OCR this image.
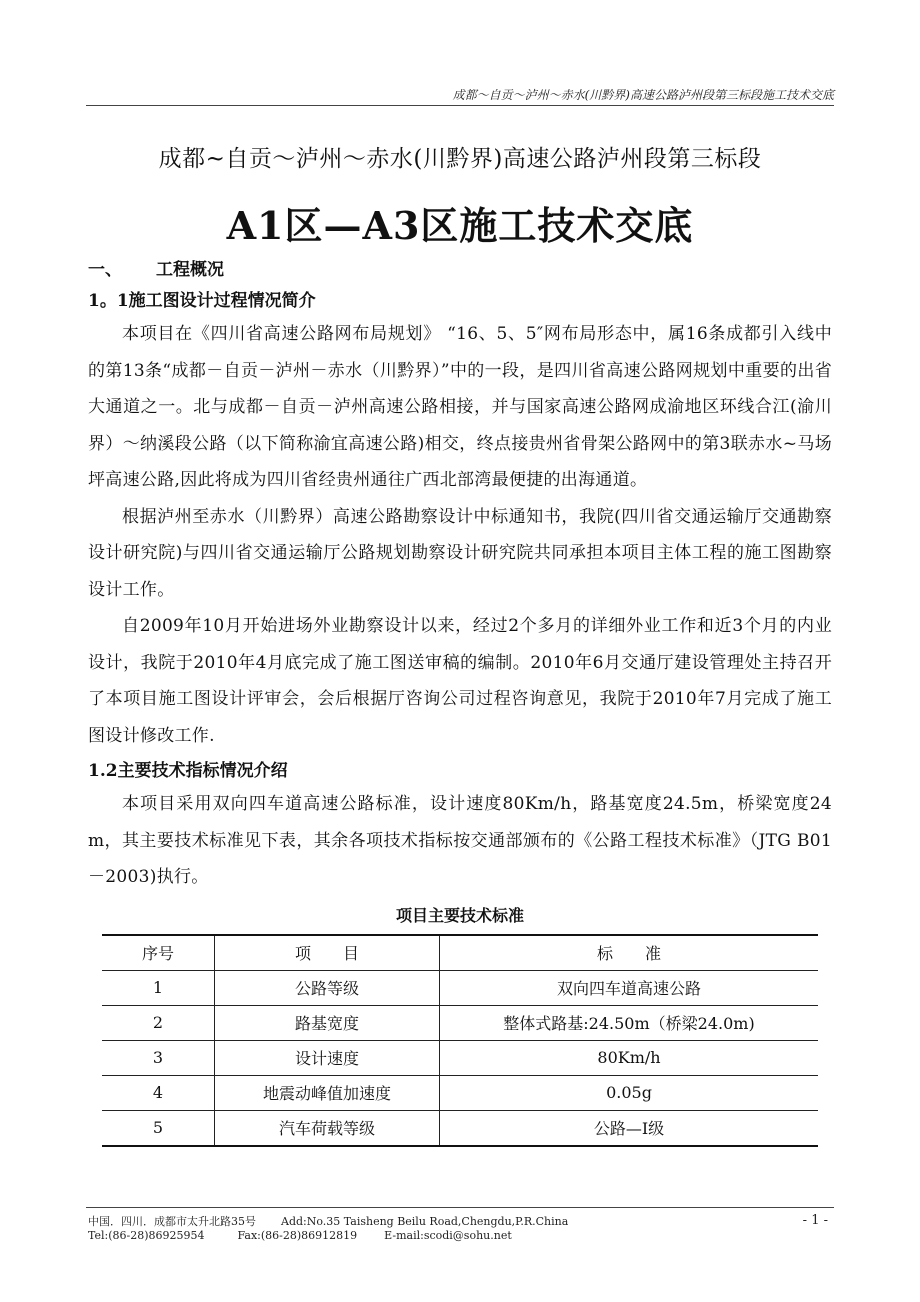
成都～自贡～泸州～赤水(川黔界)高速公路泸州段第三标段施工技术交底
成都~自贡～泸州～赤水(川黔界)高速公路泸州段第三标段
A1区—A3区施工技术交底
一、 工程概况
1。1施工图设计过程情况简介
本项目在《四川省高速公路网布局规划》 “16、5、5″网布局形态中，属16条成都引入线中的第13条“成都－自贡－泸州－赤水（川黔界）”中的一段，是四川省高速公路网规划中重要的出省大通道之一。北与成都－自贡－泸州高速公路相接，并与国家高速公路网成渝地区环线合江(渝川界）～纳溪段公路（以下简称渝宜高速公路)相交，终点接贵州省骨架公路网中的第3联赤水~马场坪高速公路,因此将成为四川省经贵州通往广西北部湾最便捷的出海通道。
根据泸州至赤水（川黔界）高速公路勘察设计中标通知书，我院(四川省交通运输厅交通勘察设计研究院)与四川省交通运输厅公路规划勘察设计研究院共同承担本项目主体工程的施工图勘察设计工作。
自2009年10月开始进场外业勘察设计以来，经过2个多月的详细外业工作和近3个月的内业设计，我院于2010年4月底完成了施工图送审稿的编制。2010年6月交通厅建设管理处主持召开了本项目施工图设计评审会，会后根据厅咨询公司过程咨询意见，我院于2010年7月完成了施工图设计修改工作.
1.2主要技术指标情况介绍
本项目采用双向四车道高速公路标准，设计速度80Km/h，路基宽度24.5m，桥梁宽度24m，其主要技术标准见下表，其余各项技术指标按交通部颁布的《公路工程技术标准》（JTG B01－2003)执行。
项目主要技术标准
序号	项　　目	标　　准
1	公路等级	双向四车道高速公路
2	路基宽度	整体式路基:24.50m（桥梁24.0m)
3	设计速度	80Km/h
4	地震动峰值加速度	0.05g
5	汽车荷载等级	公路—I级
中国．四川．成都市太升北路35号 Add:No.35 Taisheng Beilu Road,Chengdu,P.R.China	- 1 -
Tel:(86-28)86925954	Fax:(86-28)86912819 E-mail:scodi@sohu.net
